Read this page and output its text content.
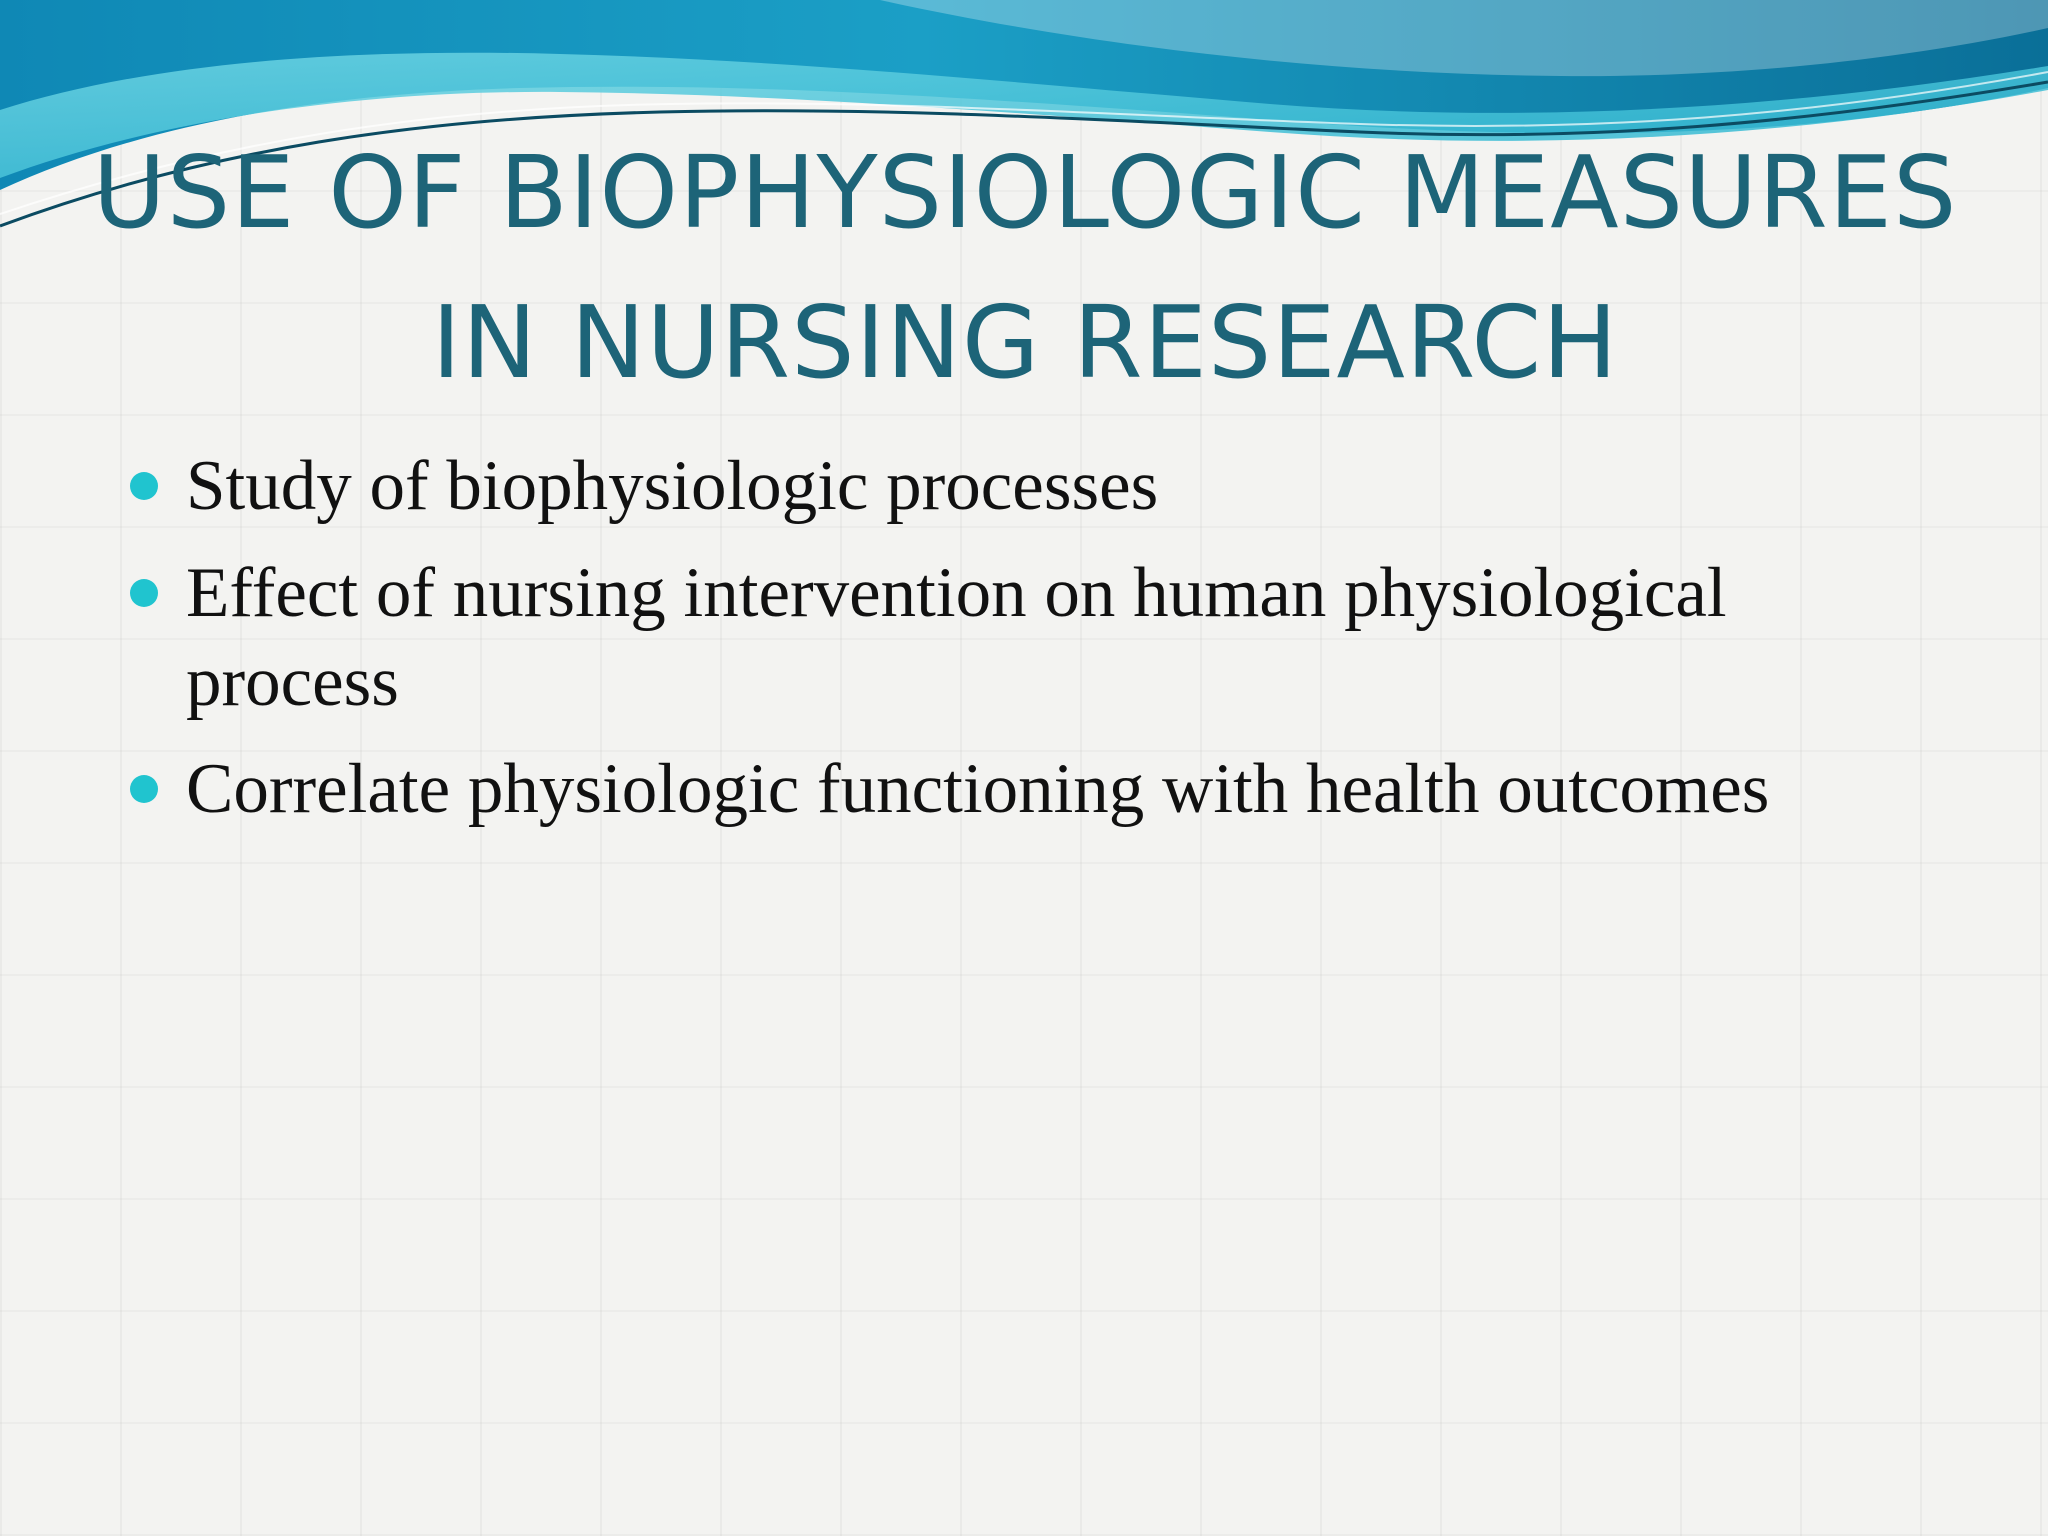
USE OF BIOPHYSIOLOGIC MEASURES IN NURSING RESEARCH
Study of biophysiologic processes
Effect of nursing intervention on human physiological process
Correlate physiologic functioning with health outcomes
